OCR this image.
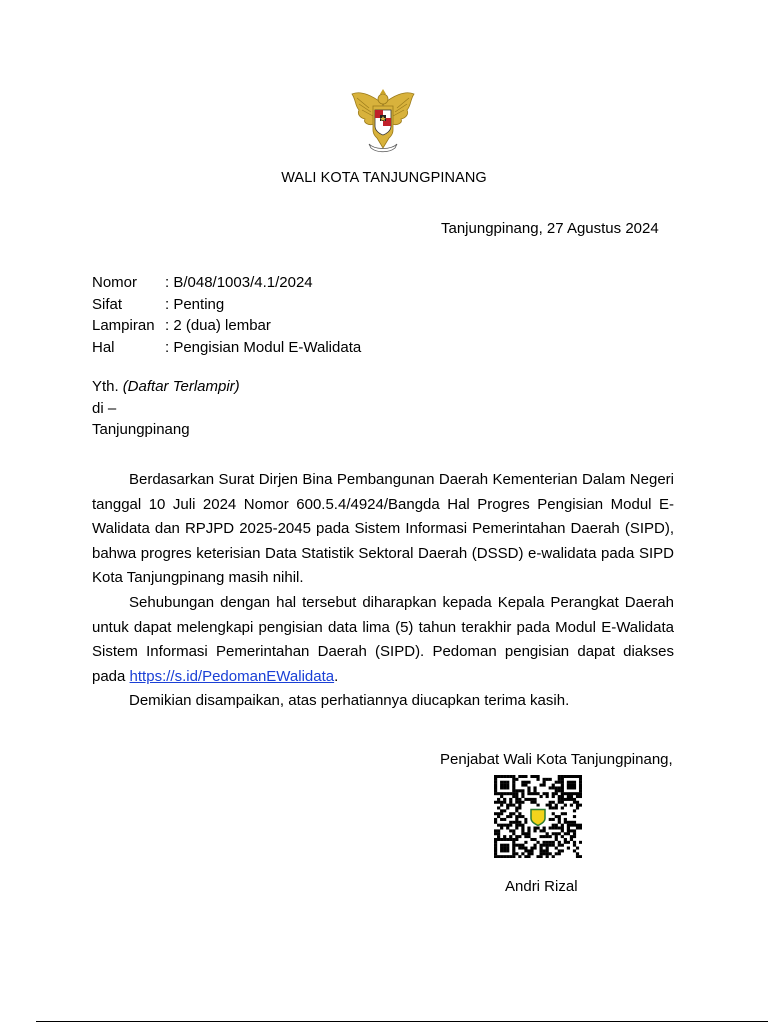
WALI KOTA TANJUNGPINANG
Tanjungpinang, 27 Agustus 2024
Nomor	: B/048/1003/4.1/2024
Sifat	: Penting
Lampiran : 2 (dua) lembar
Hal	: Pengisian Modul E-Walidata
Yth. (Daftar Terlampir)
di –
Tanjungpinang

Berdasarkan Surat Dirjen Bina Pembangunan Daerah Kementerian Dalam Negeri tanggal 10 Juli 2024 Nomor 600.5.4/4924/Bangda Hal Progres Pengisian Modul E-Walidata dan RPJPD 2025-2045 pada Sistem Informasi Pemerintahan Daerah (SIPD), bahwa progres keterisian Data Statistik Sektoral Daerah (DSSD) e-walidata pada SIPD Kota Tanjungpinang masih nihil.

Sehubungan dengan hal tersebut diharapkan kepada Kepala Perangkat Daerah untuk dapat melengkapi pengisian data lima (5) tahun terakhir pada Modul E-Walidata Sistem Informasi Pemerintahan Daerah (SIPD). Pedoman pengisian dapat diakses pada https://s.id/PedomanEWalidata.

Demikian disampaikan, atas perhatiannya diucapkan terima kasih.

Penjabat Wali Kota Tanjungpinang,
Andri Rizal
